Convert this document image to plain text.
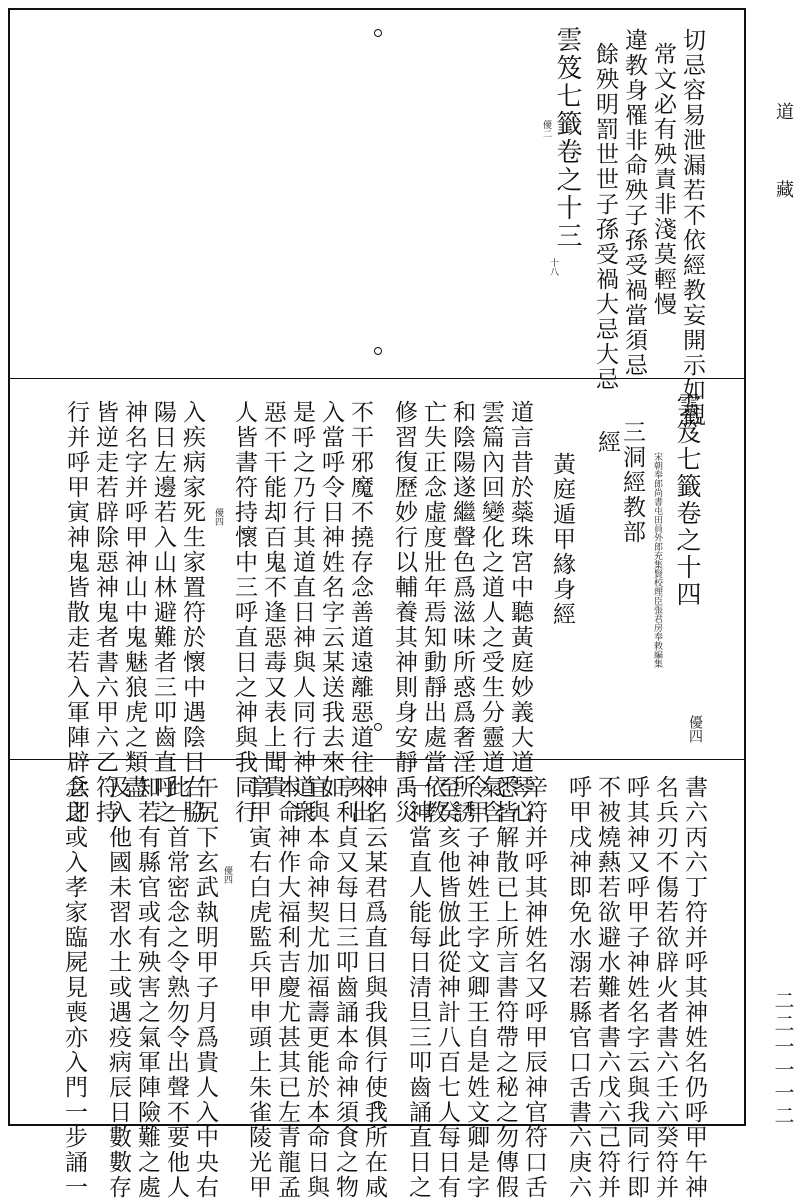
道
藏
二二一一一二
切忌容易泄漏若不依經教妄開示如觀
常文必有殃責非淺莫輕慢
違教身罹非命殃子孫受禍當須忌
餘殃明罰世世子孫受禍大忌大忌
雲笈七籤卷之十三
優二
十八
雲笈七籤卷之十四
宋朝奉郎尚書屯田員外郎充集賢校理臣張君房奉敕編集
優四
三洞經教部
經
黃庭遁甲緣身經
道言昔於蘂珠宮中聽黃庭妙義大道琴心
雲篇內回變化之道人之受生分靈道氣含
和陰陽遂繼聲色爲滋味所惑爲奢淫所誘
亡失正念虛度壯年焉知動靜出處當依教
修習復歷妙行以輔養其神則身安靜禹災
不干邪魔不撓存念善道遠離惡道往來出
入當呼令日神姓名字云某送我去來如
是呼之乃行其道直日神與人同行神道衆
惡不干能却百鬼不逢惡毒又表上聞貴
人皆書符持懷中三呼直日之神與我同行
優四
入疾病家死生家置符於懷中遇陰日右脇
陽日左邊若入山林避難者三叩齒直呼之
神名字并呼甲神山中鬼魅狼虎之類盡
皆逆走若辟除惡神鬼者書六甲六乙符持
行并呼甲寅神鬼皆散走若入軍陣辟兵即
書六丙六丁符并呼其神姓名仍呼甲午神
名兵刃不傷若欲辟火者書六壬六癸符并
呼其神又呼甲子神姓名字云與我同行即
不被燒爇若欲避水難者書六戊六己符并
呼甲戌神即免水溺若縣官口舌書六庚六
辛符并呼其神姓名又呼甲辰神官符口舌
悉皆解散已上所言書符帶之秘之勿傳假
令甲子神姓王字文卿王自是姓文卿是字
至癸亥他皆倣此從神計八百七人每日有
一神當直人能每日清旦三叩齒誦直日之
神名云某君爲直日與我俱行使我所在咸
亨利貞又每日三叩齒誦本命神須食之物
宜與本命神契尤加福壽更能於本命日與
本命神作大福利吉慶尤甚其已左青龍孟
章甲寅右白虎監兵甲申頭上朱雀陵光甲
優四
午尻下玄武執明甲子月爲貴人入中央右
此一首常密念之令熟勿令出聲不要他人
知若有縣官或有殃害之氣軍陣險難之處
及入他國未習水土或遇疫病辰日數數存
念之或入孝家臨屍見喪亦入門一步誦一
